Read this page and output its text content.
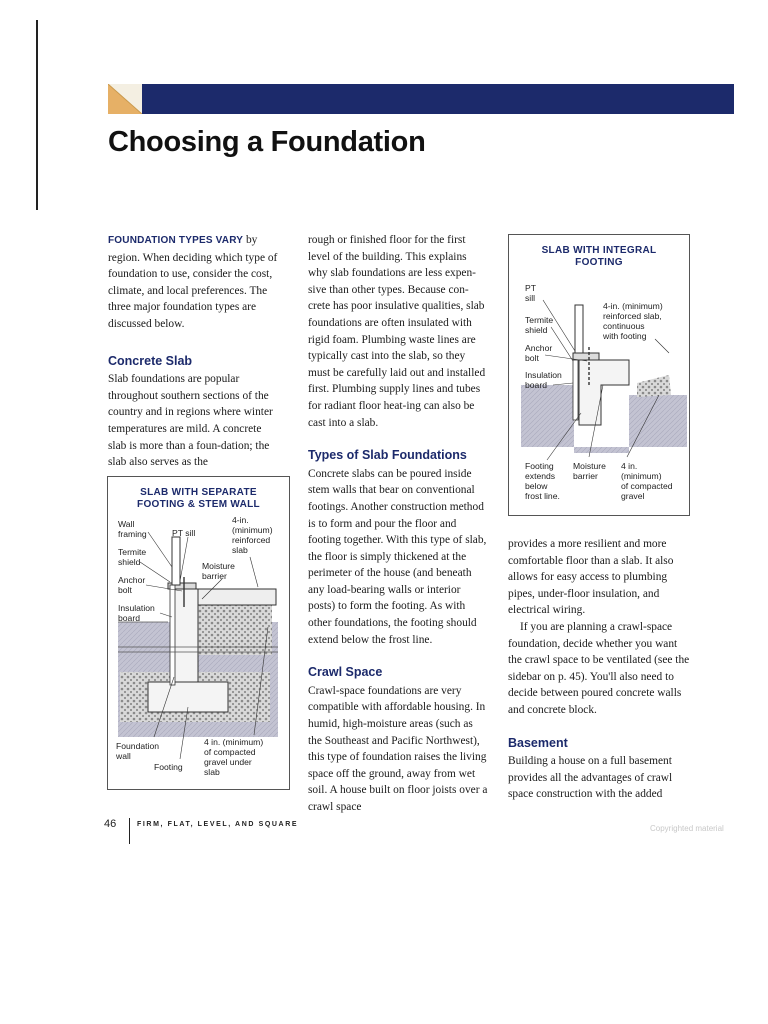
Choosing a Foundation

FOUNDATION TYPES VARY by region. When deciding which type of foundation to use, consider the cost, climate, and local preferences. The three major foundation types are discussed below.

Concrete Slab

Slab foundations are popular throughout southern sections of the country and in regions where winter temperatures are mild. A concrete slab is more than a foun-dation; the slab also serves as the

rough or finished floor for the first level of the building. This explains why slab foundations are less expen-sive than other types. Because con-crete has poor insulative qualities, slab foundations are often insulated with rigid foam. Plumbing waste lines are typically cast into the slab, so they must be carefully laid out and installed first. Plumbing supply lines and tubes for radiant floor heat-ing can also be cast into a slab.

Types of Slab Foundations

Concrete slabs can be poured inside stem walls that bear on conventional footings. Another construction method is to form and pour the floor and footing together. With this type of slab, the floor is simply thickened at the perimeter of the house (and beneath any load-bearing walls or interior posts) to form the footing. As with other foundations, the footing should extend below the frost line.

Crawl Space

Crawl-space foundations are very compatible with affordable housing. In humid, high-moisture areas (such as the Southeast and Pacific Northwest), this type of foundation raises the living space off the ground, away from wet soil. A house built on floor joists over a crawl space

provides a more resilient and more comfortable floor than a slab. It also allows for easy access to plumbing pipes, under-floor insulation, and electrical wiring.

If you are planning a crawl-space foundation, decide whether you want the crawl space to be ventilated (see the sidebar on p. 45). You'll also need to decide between poured concrete walls and concrete block.

Basement

Building a house on a full basement provides all the advantages of crawl space construction with the added

SLAB WITH SEPARATE
FOOTING & STEM WALL
Wall
framing	PT sill
4-in.
(minimum)
reinforced
slab
Termite
shield	Moisture
barrier
Anchor
bolt
Insulation
board
Foundation
wall
Footing
4 in. (minimum)
of compacted
gravel under
slab
SLAB WITH INTEGRAL
FOOTING
PT
sill
4-in. (minimum)
reinforced slab,
continuous
with footing
Termite
shield
Anchor
bolt
Insulation
board
Footing
extends
below
frost line.
Moisture
barrier
4 in.
(minimum)
of compacted
gravel
46	FIRM, FLAT, LEVEL, AND SQUARE	Copyrighted material
